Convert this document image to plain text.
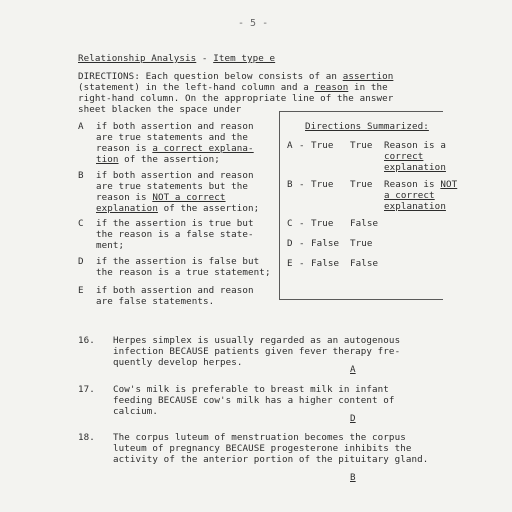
- 5 -
Relationship Analysis - Item type e
DIRECTIONS: Each question below consists of an assertion
(statement) in the left-hand column and a reason in the
right-hand column. On the appropriate line of the answer
sheet blacken the space under
A if both assertion and reason
are true statements and the
reason is a correct explana-
tion of the assertion;
B if both assertion and reason
are true statements but the
reason is NOT a correct
explanation of the assertion;
C if the assertion is true but
the reason is a false state-
ment;
D if the assertion is false but
the reason is a true statement;
E if both assertion and reason
are false statements.
Directions Summarized:
A - True True Reason is a
correct
explanation
B - True True Reason is NOT
a correct
explanation
C - True False
D - False True
E - False False
16. Herpes simplex is usually regarded as an autogenous
infection BECAUSE patients given fever therapy fre-
quently develop herpes.
A
17. Cow's milk is preferable to breast milk in infant
feeding BECAUSE cow's milk has a higher content of
calcium.
D
18. The corpus luteum of menstruation becomes the corpus
luteum of pregnancy BECAUSE progesterone inhibits the
activity of the anterior portion of the pituitary gland.
B
